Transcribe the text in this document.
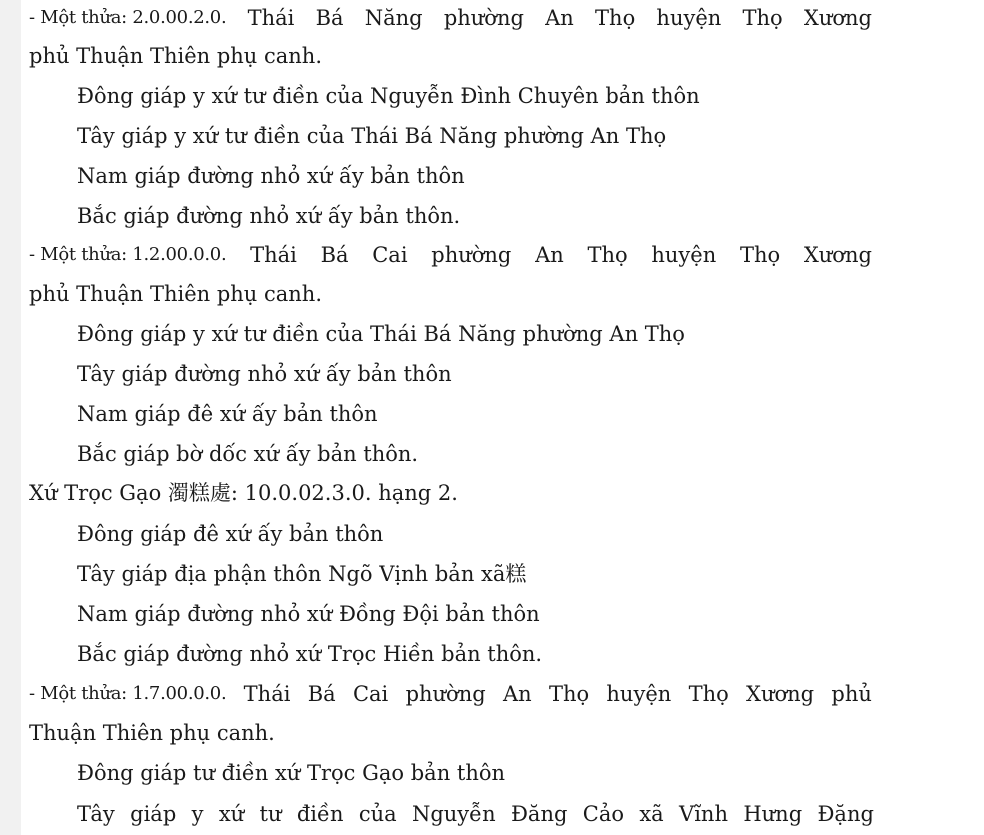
- Một thửa: 2.0.00.2.0. Thái Bá Năng phường An Thọ huyện Thọ Xương
phủ Thuận Thiên phụ canh.
Đông giáp y xứ tư điền của Nguyễn Đình Chuyên bản thôn
Tây giáp y xứ tư điền của Thái Bá Năng phường An Thọ
Nam giáp đường nhỏ xứ ấy bản thôn
Bắc giáp đường nhỏ xứ ấy bản thôn.
- Một thửa: 1.2.00.0.0. Thái Bá Cai phường An Thọ huyện Thọ Xương
phủ Thuận Thiên phụ canh.
Đông giáp y xứ tư điền của Thái Bá Năng phường An Thọ
Tây giáp đường nhỏ xứ ấy bản thôn
Nam giáp đê xứ ấy bản thôn
Bắc giáp bờ dốc xứ ấy bản thôn.
Xứ Trọc Gạo 濁糕處: 10.0.02.3.0. hạng 2.
Đông giáp đê xứ ấy bản thôn
Tây giáp địa phận thôn Ngõ Vịnh bản xã糕
Nam giáp đường nhỏ xứ Đồng Đội bản thôn
Bắc giáp đường nhỏ xứ Trọc Hiền bản thôn.
- Một thửa: 1.7.00.0.0. Thái Bá Cai phường An Thọ huyện Thọ Xương phủ
Thuận Thiên phụ canh.
Đông giáp tư điền xứ Trọc Gạo bản thôn
Tây giáp y xứ tư điền của Nguyễn Đăng Cảo xã Vĩnh Hưng Đặng
